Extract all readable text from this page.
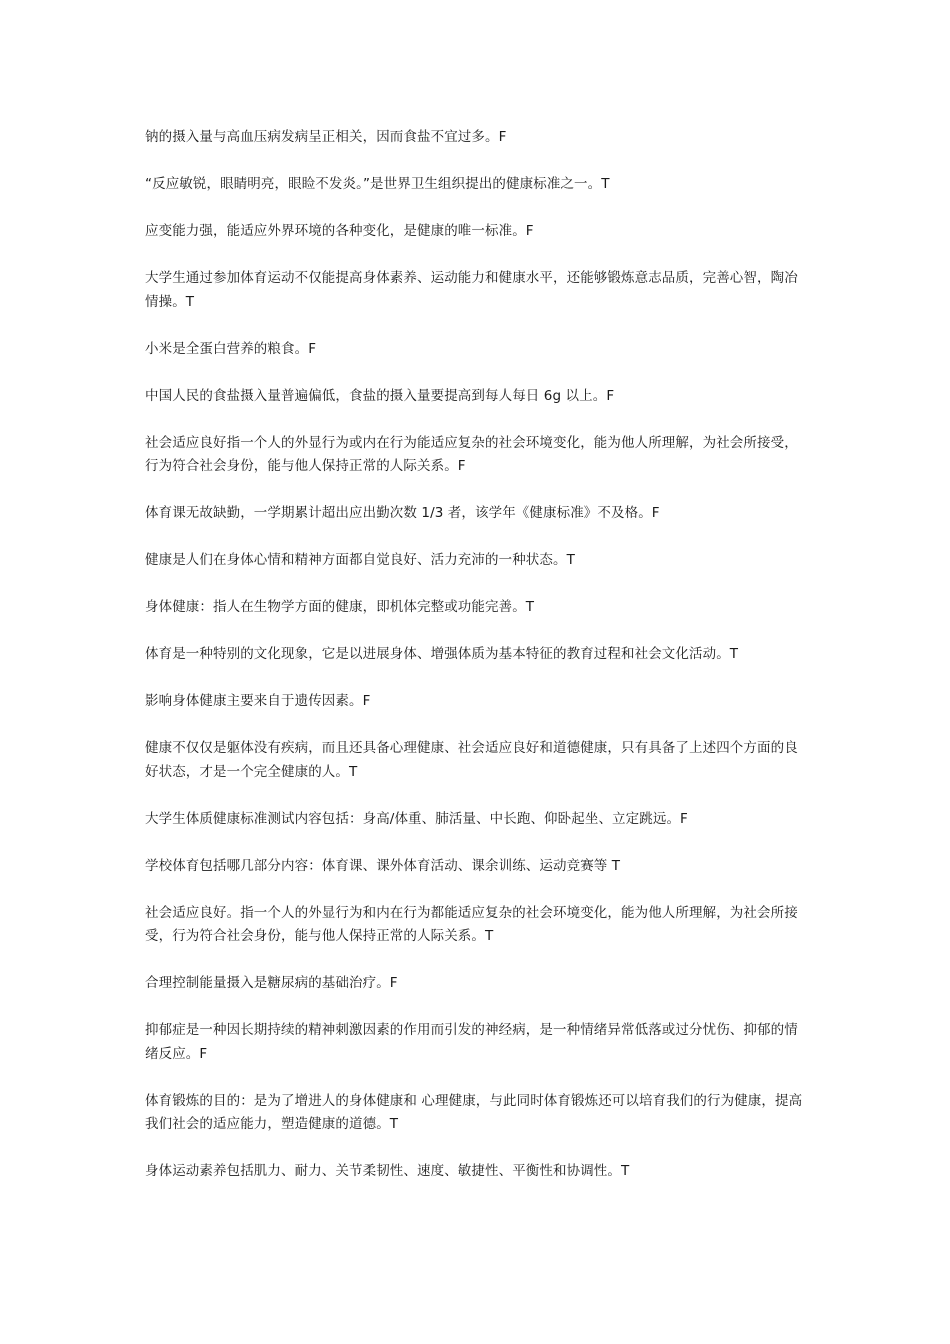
钠的摄入量与高血压病发病呈正相关，因而食盐不宜过多。F

“反应敏锐，眼睛明亮，眼睑不发炎。”是世界卫生组织提出的健康标准之一。T

应变能力强，能适应外界环境的各种变化，是健康的唯一标准。F

大学生通过参加体育运动不仅能提高身体素养、运动能力和健康水平，还能够锻炼意志品质，完善心智，陶冶情操。T

小米是全蛋白营养的粮食。F

中国人民的食盐摄入量普遍偏低，食盐的摄入量要提高到每人每日 6g 以上。F

社会适应良好指一个人的外显行为或内在行为能适应复杂的社会环境变化，能为他人所理解，为社会所接受，行为符合社会身份，能与他人保持正常的人际关系。F

体育课无故缺勤，一学期累计超出应出勤次数 1/3 者，该学年《健康标准》不及格。F

健康是人们在身体心情和精神方面都自觉良好、活力充沛的一种状态。T

身体健康：指人在生物学方面的健康，即机体完整或功能完善。T

体育是一种特别的文化现象，它是以进展身体、增强体质为基本特征的教育过程和社会文化活动。T

影响身体健康主要来自于遗传因素。F

健康不仅仅是躯体没有疾病，而且还具备心理健康、社会适应良好和道德健康，只有具备了上述四个方面的良好状态，才是一个完全健康的人。T

大学生体质健康标准测试内容包括：身高/体重、肺活量、中长跑、仰卧起坐、立定跳远。F

学校体育包括哪几部分内容：体育课、课外体育活动、课余训练、运动竞赛等 T

社会适应良好。指一个人的外显行为和内在行为都能适应复杂的社会环境变化，能为他人所理解，为社会所接受，行为符合社会身份，能与他人保持正常的人际关系。T

合理控制能量摄入是糖尿病的基础治疗。F

抑郁症是一种因长期持续的精神刺激因素的作用而引发的神经病，是一种情绪异常低落或过分忧伤、抑郁的情绪反应。F

体育锻炼的目的：是为了增进人的身体健康和 心理健康，与此同时体育锻炼还可以培育我们的行为健康，提高我们社会的适应能力，塑造健康的道德。T

身体运动素养包括肌力、耐力、关节柔韧性、速度、敏捷性、平衡性和协调性。T
